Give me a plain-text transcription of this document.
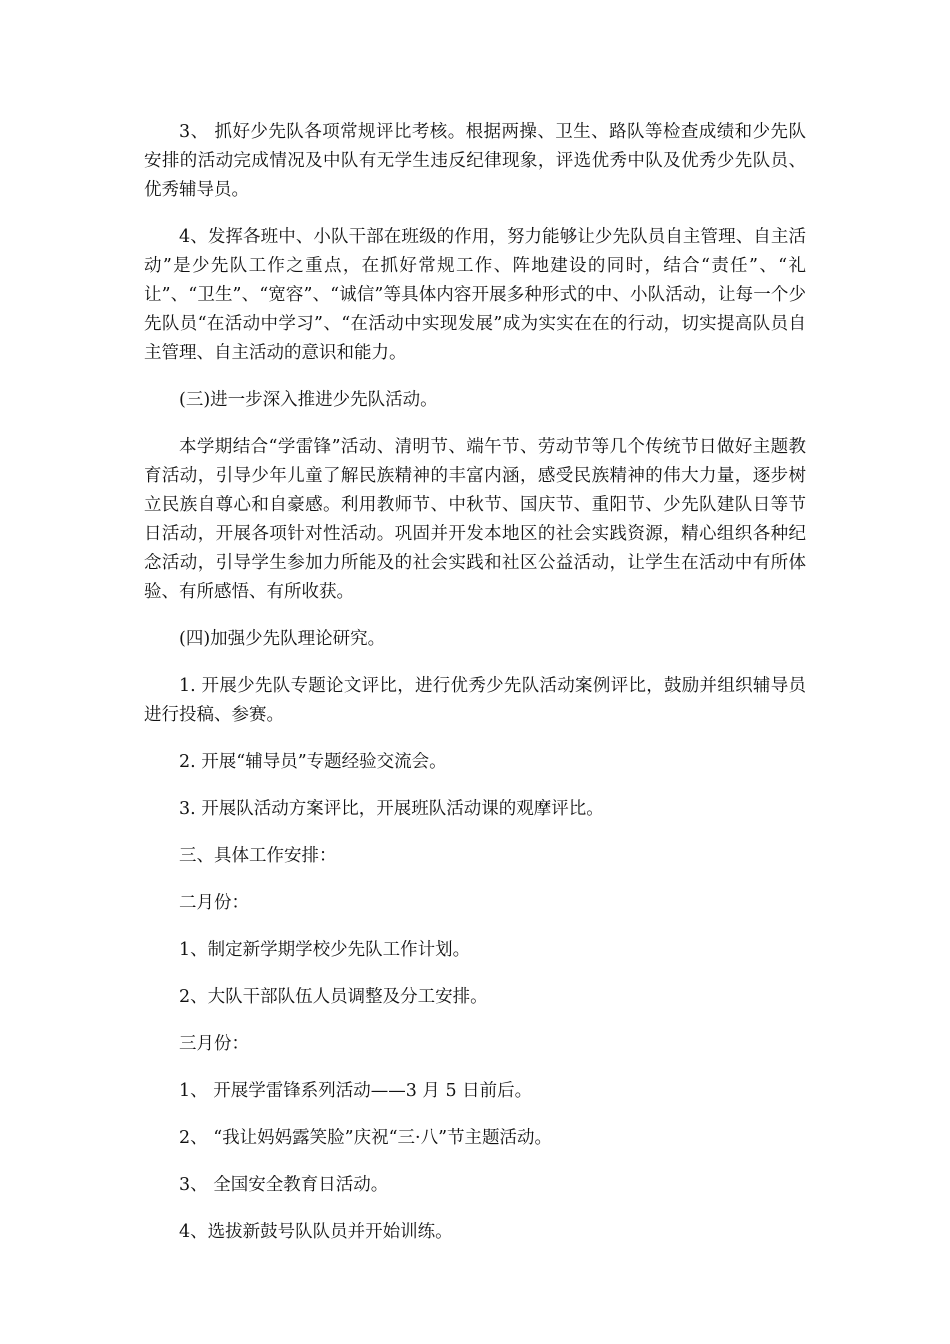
3、 抓好少先队各项常规评比考核。根据两操、卫生、路队等检查成绩和少先队安排的活动完成情况及中队有无学生违反纪律现象，评选优秀中队及优秀少先队员、优秀辅导员。

4、发挥各班中、小队干部在班级的作用，努力能够让少先队员自主管理、自主活动”是少先队工作之重点，在抓好常规工作、阵地建设的同时，结合“责任”、“礼让”、“卫生”、“宽容”、“诚信”等具体内容开展多种形式的中、小队活动，让每一个少先队员“在活动中学习”、“在活动中实现发展”成为实实在在的行动，切实提高队员自主管理、自主活动的意识和能力。

(三)进一步深入推进少先队活动。

本学期结合“学雷锋”活动、清明节、端午节、劳动节等几个传统节日做好主题教育活动，引导少年儿童了解民族精神的丰富内涵，感受民族精神的伟大力量，逐步树立民族自尊心和自豪感。利用教师节、中秋节、国庆节、重阳节、少先队建队日等节日活动，开展各项针对性活动。巩固并开发本地区的社会实践资源，精心组织各种纪念活动，引导学生参加力所能及的社会实践和社区公益活动，让学生在活动中有所体验、有所感悟、有所收获。

(四)加强少先队理论研究。

1. 开展少先队专题论文评比，进行优秀少先队活动案例评比，鼓励并组织辅导员进行投稿、参赛。

2. 开展“辅导员”专题经验交流会。

3. 开展队活动方案评比，开展班队活动课的观摩评比。

三、具体工作安排：

二月份：

1、制定新学期学校少先队工作计划。

2、大队干部队伍人员调整及分工安排。

三月份：

1、 开展学雷锋系列活动——3 月 5 日前后。

2、 “我让妈妈露笑脸”庆祝“三·八”节主题活动。

3、 全国安全教育日活动。

4、选拔新鼓号队队员并开始训练。
